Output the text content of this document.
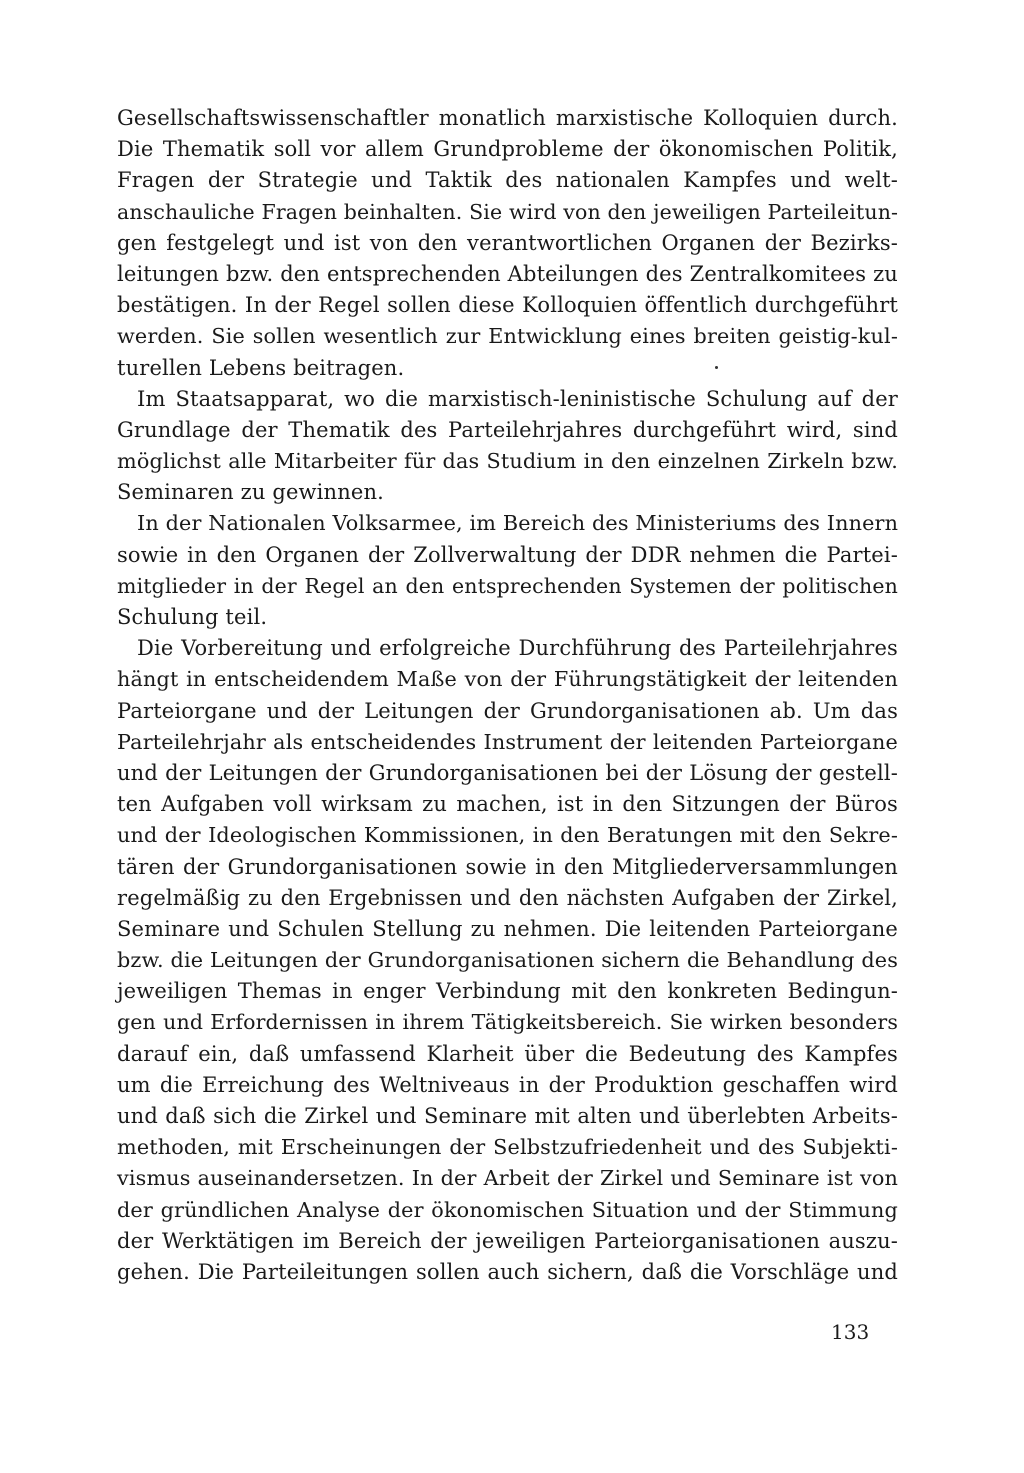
Gesellschaftswissenschaftler monatlich marxistische Kolloquien durch.
Die Thematik soll vor allem Grundprobleme der ökonomischen Politik,
Fragen der Strategie und Taktik des nationalen Kampfes und welt-
anschauliche Fragen beinhalten. Sie wird von den jeweiligen Parteileitun-
gen festgelegt und ist von den verantwortlichen Organen der Bezirks-
leitungen bzw. den entsprechenden Abteilungen des Zentralkomitees zu
bestätigen. In der Regel sollen diese Kolloquien öffentlich durchgeführt
werden. Sie sollen wesentlich zur Entwicklung eines breiten geistig-kul-
turellen Lebens beitragen.
Im Staatsapparat, wo die marxistisch-leninistische Schulung auf der
Grundlage der Thematik des Parteilehrjahres durchgeführt wird, sind
möglichst alle Mitarbeiter für das Studium in den einzelnen Zirkeln bzw.
Seminaren zu gewinnen.
In der Nationalen Volksarmee, im Bereich des Ministeriums des Innern
sowie in den Organen der Zollverwaltung der DDR nehmen die Partei-
mitglieder in der Regel an den entsprechenden Systemen der politischen
Schulung teil.
Die Vorbereitung und erfolgreiche Durchführung des Parteilehrjahres
hängt in entscheidendem Maße von der Führungstätigkeit der leitenden
Parteiorgane und der Leitungen der Grundorganisationen ab. Um das
Parteilehrjahr als entscheidendes Instrument der leitenden Parteiorgane
und der Leitungen der Grundorganisationen bei der Lösung der gestell-
ten Aufgaben voll wirksam zu machen, ist in den Sitzungen der Büros
und der Ideologischen Kommissionen, in den Beratungen mit den Sekre-
tären der Grundorganisationen sowie in den Mitgliederversammlungen
regelmäßig zu den Ergebnissen und den nächsten Aufgaben der Zirkel,
Seminare und Schulen Stellung zu nehmen. Die leitenden Parteiorgane
bzw. die Leitungen der Grundorganisationen sichern die Behandlung des
jeweiligen Themas in enger Verbindung mit den konkreten Bedingun-
gen und Erfordernissen in ihrem Tätigkeitsbereich. Sie wirken besonders
darauf ein, daß umfassend Klarheit über die Bedeutung des Kampfes
um die Erreichung des Weltniveaus in der Produktion geschaffen wird
und daß sich die Zirkel und Seminare mit alten und überlebten Arbeits-
methoden, mit Erscheinungen der Selbstzufriedenheit und des Subjekti-
vismus auseinandersetzen. In der Arbeit der Zirkel und Seminare ist von
der gründlichen Analyse der ökonomischen Situation und der Stimmung
der Werktätigen im Bereich der jeweiligen Parteiorganisationen auszu-
gehen. Die Parteileitungen sollen auch sichern, daß die Vorschläge und
133
